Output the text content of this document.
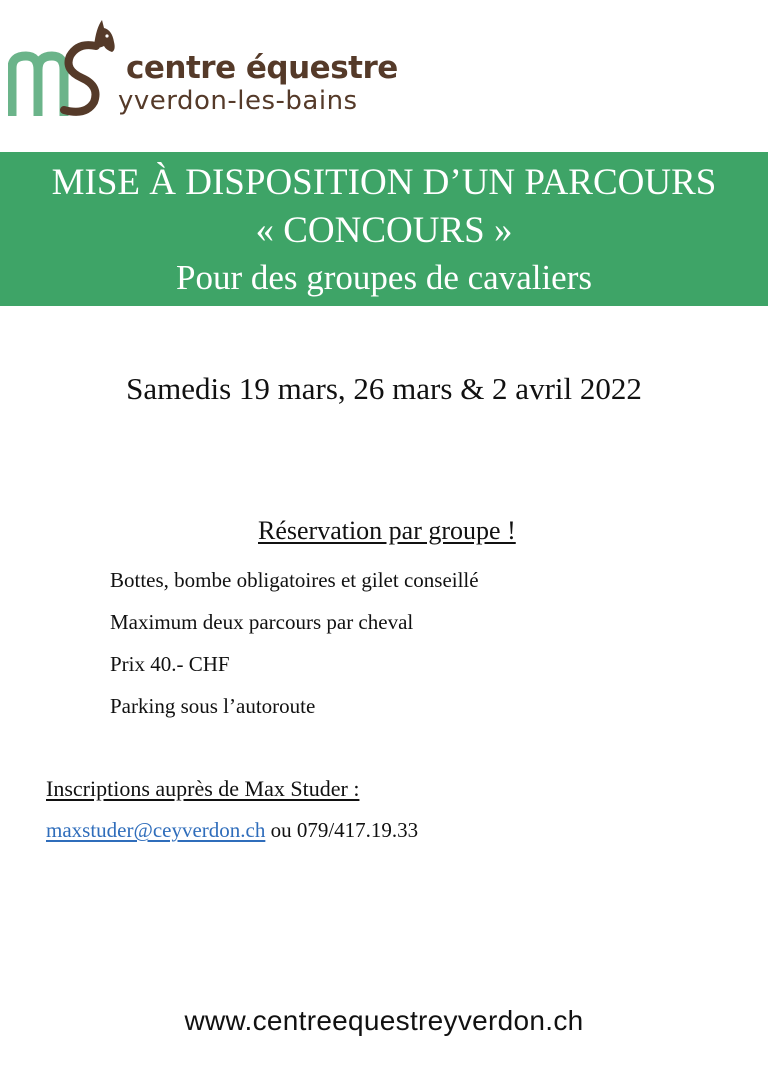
centre équestre
yverdon-les-bains
MISE À DISPOSITION D’UN PARCOURS
« CONCOURS »
Pour des groupes de cavaliers
Samedis 19 mars, 26 mars & 2 avril 2022
Réservation par groupe !
Bottes, bombe obligatoires et gilet conseillé
Maximum deux parcours par cheval
Prix 40.- CHF
Parking sous l’autoroute
Inscriptions auprès de Max Studer :
maxstuder@ceyverdon.ch ou 079/417.19.33
www.centreequestreyverdon.ch
